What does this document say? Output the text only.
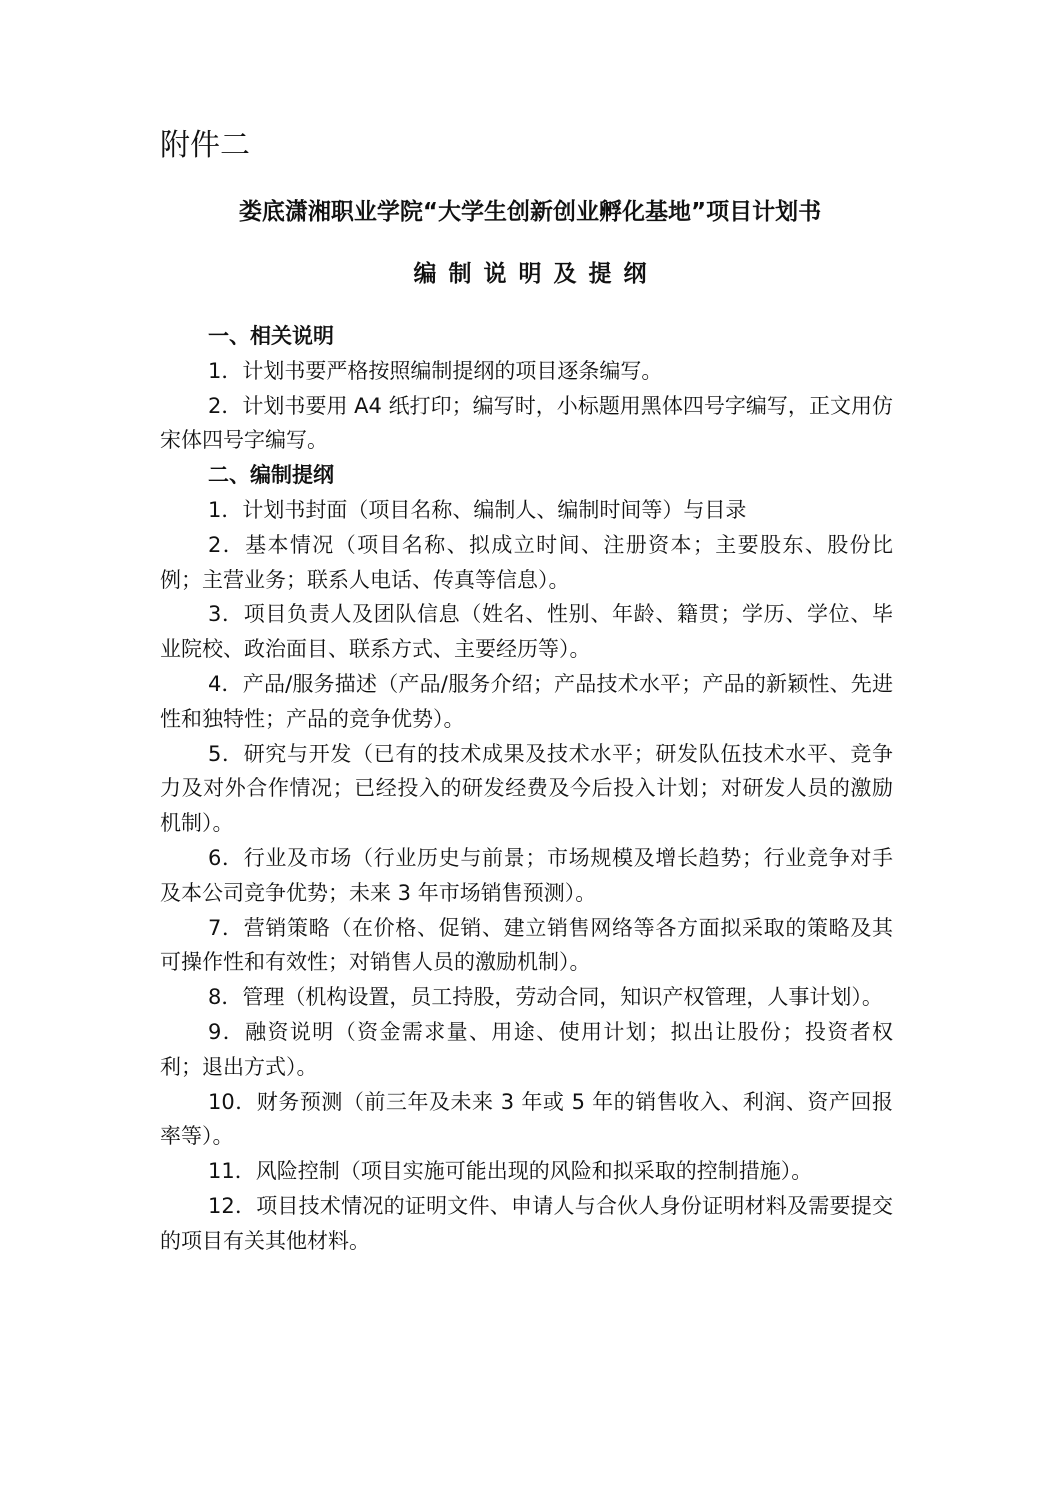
附件二
娄底潇湘职业学院“大学生创新创业孵化基地”项目计划书
编制说明及提纲

一、相关说明

1．计划书要严格按照编制提纲的项目逐条编写。

2．计划书要用 A4 纸打印；编写时，小标题用黑体四号字编写，正文用仿宋体四号字编写。

二、编制提纲

1．计划书封面（项目名称、编制人、编制时间等）与目录

2．基本情况（项目名称、拟成立时间、注册资本；主要股东、股份比例；主营业务；联系人电话、传真等信息）。

3．项目负责人及团队信息（姓名、性别、年龄、籍贯；学历、学位、毕业院校、政治面目、联系方式、主要经历等）。

4．产品/服务描述（产品/服务介绍；产品技术水平；产品的新颖性、先进性和独特性；产品的竞争优势）。

5．研究与开发（已有的技术成果及技术水平；研发队伍技术水平、竞争力及对外合作情况；已经投入的研发经费及今后投入计划；对研发人员的激励机制）。

6．行业及市场（行业历史与前景；市场规模及增长趋势；行业竞争对手及本公司竞争优势；未来 3 年市场销售预测）。

7．营销策略（在价格、促销、建立销售网络等各方面拟采取的策略及其可操作性和有效性；对销售人员的激励机制）。

8．管理（机构设置，员工持股，劳动合同，知识产权管理，人事计划）。

9．融资说明（资金需求量、用途、使用计划；拟出让股份；投资者权利；退出方式）。

10．财务预测（前三年及未来 3 年或 5 年的销售收入、利润、资产回报率等）。

11．风险控制（项目实施可能出现的风险和拟采取的控制措施）。

12．项目技术情况的证明文件、申请人与合伙人身份证明材料及需要提交的项目有关其他材料。
